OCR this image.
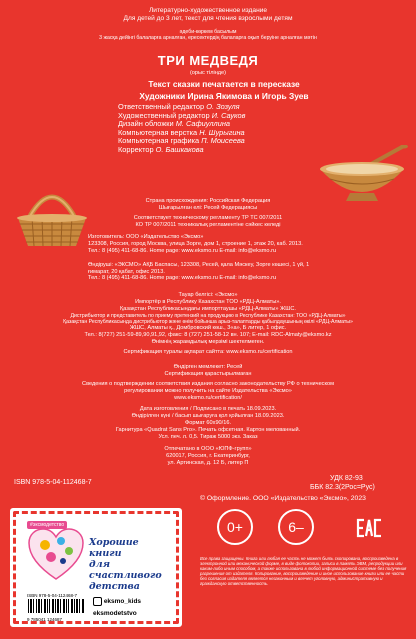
Литературно-художественное издание
Для детей до 3 лет, текст для чтения взрослыми детям
әдеби-көркем басылым
3 жасқа дейінгі балаларға арналған, ересектердің балаларға оқып беруіне арналған мәтін
ТРИ МЕДВЕДЯ
(орыс тілінде)
Текст сказки печатается в пересказе
Художники Ирина Якимова и Игорь Зуев
Ответственный редактор О. Зозуля
Художественный редактор И. Сауков
Дизайн обложки М. Сафиуллина
Компьютерная верстка Н. Шурыгина
Компьютерная графика П. Моисеева
Корректор О. Башкакова
Страна происхождения: Российская Федерация
Шығарылған елі: Ресей Федерациясы
Соответствует техническому регламенту ТР ТС 007/2011
КО ТР 007/2011 техникалық регламентіне сәйкес келеді
Изготовитель: ООО «Издательство «Эксмо»
123308, Россия, город Москва, улица Зорге, дом 1, строение 1, этаж 20, каб. 2013.
Тел.: 8 (495) 411-68-86. Home page: www.eksmo.ru E-mail: info@eksmo.ru
Өндіруші: «ЭКСМО» АҚБ Баспасы, 123308, Ресей, қала Мәскеу, Зорге көшесі, 1 үй, 1 ғимарат, 20 қабат, офис 2013.
Тел.: 8 (495) 411-68-86. Home page: www.eksmo.ru E-mail: info@eksmo.ru
Тауар белгісі: «Эксмо»
Импортёр в Республику Казахстан ТОО «РДЦ-Алматы».
Қазақстан Республикасындағы импорттаушы «РДЦ-Алматы» ЖШС.
Дистрибьютор и представитель по приему претензий на продукцию в Республике Казахстан: ТОО «РДЦ-Алматы»
Қазақстан Республикасында дистрибьютор және өнім бойынша арыз-талаптарды қабылдаушының өкілі «РДЦ-Алматы»
ЖШС, Алматы қ., Домбровский көш., 3«а», Б литер, 1 офис.
Тел.: 8(727) 251-59-89,90,91,92, факс: 8 (727) 251-58-12 вн. 107; E-mail: RDC-Almaty@eksmo.kz
Өнімнің жарамдылық мерзімі шектелмеген.
Сертификация туралы ақпарат сайтта: www.eksmo.ru/certification
Өндірген мемлекет: Ресей
Сертификация қарастырылмаған
Сведения о подтверждении соответствия издания согласно законодательству РФ о техническом
регулировании можно получить на сайте Издательства «Эксмо»
www.eksmo.ru/certification/
Дата изготовления / Подписано в печать 18.09.2023.
Өндірілген күні / басып шығаруға қол қойылған 18.09.2023.
Формат 60х90/16.
Гарнитура «Quadrat Sans Pro». Печать офсетная. Картон мелованный.
Усл. печ. л. 0,5. Тираж 5000 экз. Заказ
Отпечатано в ООО «ЮПФ-групп»
620017, Россия, г. Екатеринбург,
ул. Артинская, д. 12 Б, литер П
ISBN 978-5-04-112468-7
УДК 82-93
ББК 82.3(2Рос=Рус)
© Оформление. ООО «Издательство «Эксмо», 2023
#эксмодетство
Хорошие
книги
для счастливого
детства
ISBN 978-5-04-112468-7
9 785041 124687
eksmo_kids
eksmodetstvo
0+	6–
Все права защищены. Книга или любая ее часть не может быть скопирована, воспроизведена в электронной или механической форме, в виде фотокопии, записи в память ЭВМ, репродукции или каким-либо иным способом, а также использована в любой информационной системе без получения разрешения от издателя. Копирование, воспроизведение и иное использование книги или ее части без согласия издателя является незаконным и влечет уголовную, административную и гражданскую ответственность.
